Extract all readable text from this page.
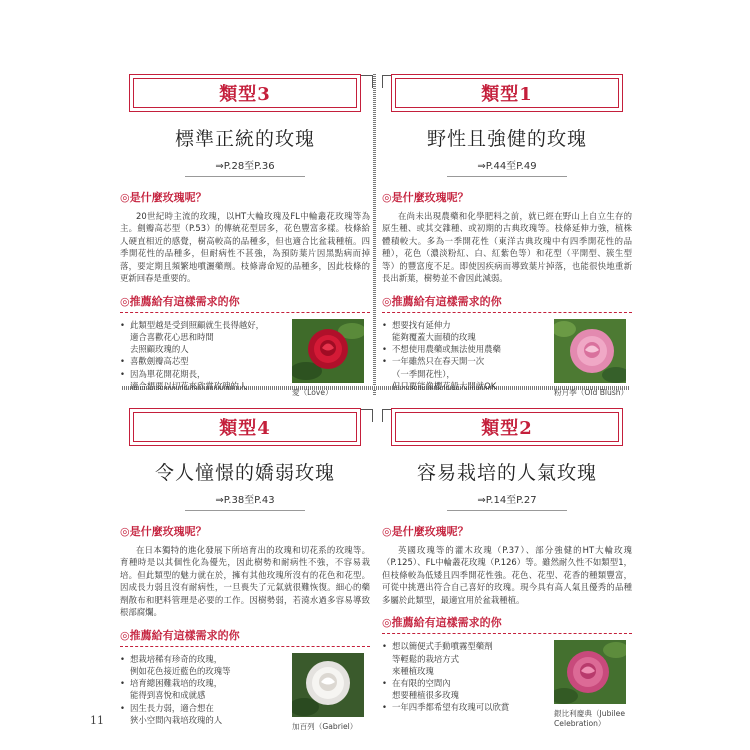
類型3
標準正統的玫瑰
⇒P.28至P.36
◎是什麼玫瑰呢？

20世紀時主流的玫瑰，以HT大輪玫瑰及FL中輪叢花玫瑰等為主。劍瓣高芯型（P.53）的傳統花型居多，花色豐富多樣。枝條給人硬直相近的感覺，樹高較高的品種多，但也適合比盆栽種植。四季開花性的品種多，但耐病性不甚強，為預防葉片因黑點病而掉落，要定期且頻繁地噴灑藥劑。枝條壽命短的品種多，因此枝條的更新回春是重要的。

◎推薦給有這樣需求的你
• 此類型越是受到照顧就生長得越好，
適合喜歡花心思和時間
去照顧玫瑰的人
• 喜歡劍瓣高芯型
• 因為單花開花期長，
適合想要以切花來欣賞玫瑰的人
愛（Love）
類型1
野性且強健的玫瑰
⇒P.44至P.49
◎是什麼玫瑰呢？

在尚未出現農藥和化學肥料之前，就已經在野山上自立生存的原生種、或其交雜種、或初期的古典玫瑰等。枝條延伸力強，植株體積較大。多為一季開花性（東洋古典玫瑰中有四季開花性的品種），花色（濃淡粉紅、白、紅紫色等）和花型（平開型、簇生型等）的豐富度不足。即使因疾病而導致葉片掉落，也能很快地重新長出新葉，樹勢並不會因此減弱。

◎推薦給有這樣需求的你
• 想要找有延伸力
能夠覆蓋大面積的玫瑰
• 不想使用農藥或無法使用農藥
• 一年雖然只在春天開一次
（一季開花性），
但只要能像櫻花般大開就OK
粉月季（Old Blush）
類型4
令人憧憬的嬌弱玫瑰
⇒P.38至P.43
◎是什麼玫瑰呢？

在日本獨特的進化發展下所培育出的玫瑰和切花系的玫瑰等。育種時是以其個性化為優先，因此樹勢和耐病性不強，不容易栽培。但此類型的魅力就在於，擁有其他玫瑰所沒有的花色和花型。因成長力弱且沒有耐病性，一旦喪失了元氣就很難恢復。細心的藥劑散布和肥料管理是必要的工作。因樹勢弱，若澆水過多容易導致根部腐爛。

◎推薦給有這樣需求的你
• 想栽培稀有珍奇的玫瑰，
例如花色接近藍色的玫瑰等
• 培育總困難栽培的玫瑰，
能得到喜悅和成就感
• 因生長力弱，適合想在
狹小空間內栽培玫瑰的人
加百列（Gabriel）
類型2
容易栽培的人氣玫瑰
⇒P.14至P.27
◎是什麼玫瑰呢？

英國玫瑰等的灌木玫瑰（P.37）、部分強健的HT大輪玫瑰（P.125）、FL中輪叢花玫瑰（P.126）等。雖然耐久性不如類型1，但枝條較為低矮且四季開花性強。花色、花型、花香的種類豐富，可從中挑選出符合自己喜好的玫瑰。現今具有高人氣且優秀的品種多屬於此類型，最適宜用於盆栽種植。

◎推薦給有這樣需求的你
• 想以簡便式手動噴霧型藥劑
等輕鬆的栽培方式
來種植玫瑰
• 在有限的空間內
想要種植很多玫瑰
• 一年四季都希望有玫瑰可以欣賞
銀比利慶典（Jubilee Celebration）
11
